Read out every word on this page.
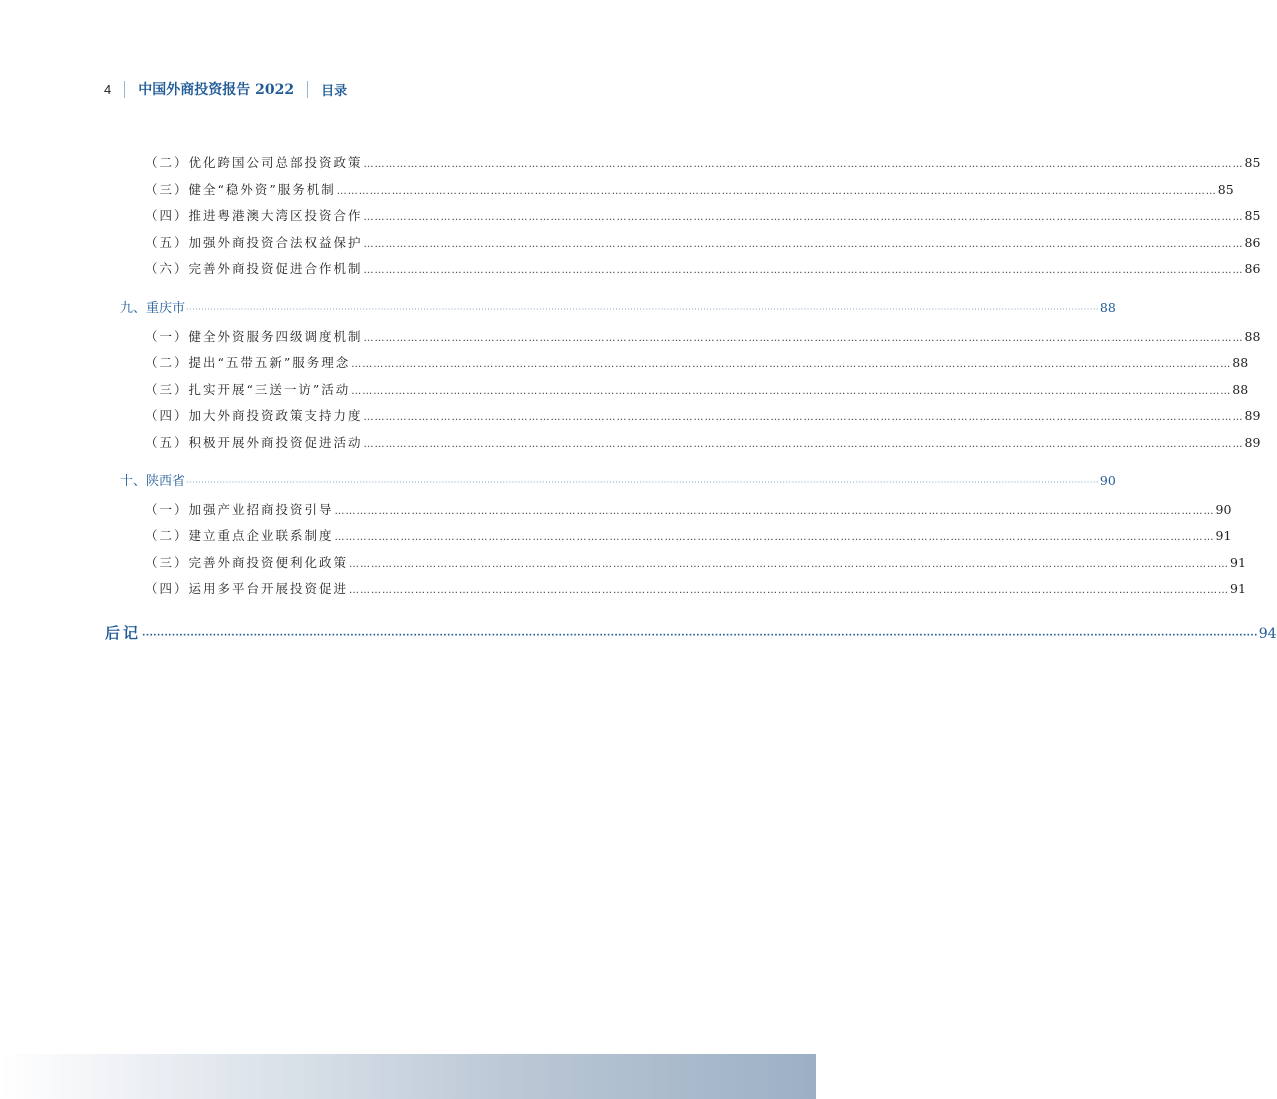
4 中国外商投资报告 2022 目录
（二）优化跨国公司总部投资政策 …………………………………………………………………………………………………………………………………………………………………………………………………………………… 85
（三）健全“稳外资”服务机制 …………………………………………………………………………………………………………………………………………………………………………………………………………………… 85
（四）推进粤港澳大湾区投资合作 …………………………………………………………………………………………………………………………………………………………………………………………………………………… 85
（五）加强外商投资合法权益保护 …………………………………………………………………………………………………………………………………………………………………………………………………………………… 86
（六）完善外商投资促进合作机制 …………………………………………………………………………………………………………………………………………………………………………………………………………………… 86
九、重庆市 ············································································································································································································································································································ 88
（一）健全外资服务四级调度机制 …………………………………………………………………………………………………………………………………………………………………………………………………………………… 88
（二）提出“五带五新”服务理念 …………………………………………………………………………………………………………………………………………………………………………………………………………………… 88
（三）扎实开展“三送一访”活动 …………………………………………………………………………………………………………………………………………………………………………………………………………………… 88
（四）加大外商投资政策支持力度 …………………………………………………………………………………………………………………………………………………………………………………………………………………… 89
（五）积极开展外商投资促进活动 …………………………………………………………………………………………………………………………………………………………………………………………………………………… 89
十、陕西省 ············································································································································································································································································································ 90
（一）加强产业招商投资引导 …………………………………………………………………………………………………………………………………………………………………………………………………………………… 90
（二）建立重点企业联系制度 …………………………………………………………………………………………………………………………………………………………………………………………………………………… 91
（三）完善外商投资便利化政策 …………………………………………………………………………………………………………………………………………………………………………………………………………………… 91
（四）运用多平台开展投资促进 …………………………………………………………………………………………………………………………………………………………………………………………………………………… 91
后记 ············································································································································································································································································································ 94
